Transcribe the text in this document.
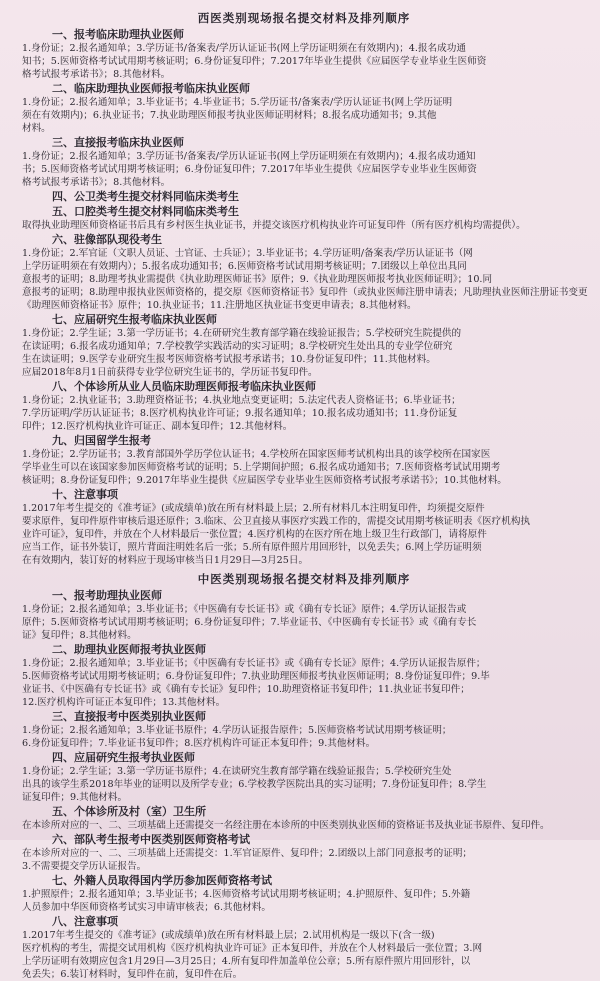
西医类别现场报名提交材料及排列顺序
一、报考临床助理执业医师
1.身份证；2.报名通知单；3.学历证书/备案表/学历认证证书(网上学历证明须在有效期内)；4.报名成功通
知书；5.医师资格考试试用期考核证明；6.身份证复印件；7.2017年毕业生提供《应届医学专业毕业生医师资
格考试报考承诺书》；8.其他材料。
二、临床助理执业医师报考临床执业医师
1.身份证；2.报名通知单；3.毕业证书；4.毕业证书；5.学历证书/备案表/学历认证证书(网上学历证明
须在有效期内)；6.执业证书；7.执业助理医师报考执业医师证明材料；8.报名成功通知书；9.其他
材料。
三、直接报考临床执业医师
1.身份证；2.报名通知单；3.学历证书/备案表/学历认证证书(网上学历证明须在有效期内)；4.报名成功通知
书；5.医师资格考试试用期考核证明；6.身份证复印件；7.2017年毕业生提供《应届医学专业毕业生医师资
格考试报考承诺书》；8.其他材料。
四、公卫类考生提交材料同临床类考生
五、口腔类考生提交材料同临床类考生
取得执业助理医师资格证书后具有乡村医生执业证书，并提交该医疗机构执业许可证复印件（所有医疗机构均需提供）。
六、驻像部队现役考生
1.身份证；2.军官证（文职人员证、士官证、士兵证）；3.毕业证书；4.学历证明/备案表/学历认证证书（网
上学历证明须在有效期内）；5.报名成功通知书；6.医师资格考试试用期考核证明；7.团级以上单位出具同
意报考的证明；8.助理考执业需提供《执业助理医师证书》原件；9.《执业助理医师报考执业医师证明》；10.同
意报考的证明；8.助理申报执业医师资格的，提交原《医师资格证书》复印件（或执业医师注册申请表；凡助理执业医师注册证书变更
《助理医师资格证书》原件；10.执业证书；11.注册地区执业证书变更申请表；8.其他材料。
七、应届研究生报考临床执业医师
1.身份证；2.学生证；3.第一学历证书；4.在研研究生教育部学籍在线验证报告；5.学校研究生院提供的
在读证明；6.报名成功通知单；7.学校教学实践活动的实习证明；8.学校研究生处出具的专业学位研究
生在读证明；9.医学专业研究生报考医师资格考试报考承诺书；10.身份证复印件；11.其他材料。
应届2018年8月1日前获得专业学位研究生证书的，学历证书复印件。
八、个体诊所从业人员临床助理医师报考临床执业医师
1.身份证；2.执业证书；3.助理资格证书；4.执业地点变更证明；5.法定代表人资格证书；6.毕业证书；
7.学历证明/学历认证证书；8.医疗机构执业许可证；9.报名通知单；10.报名成功通知书；11.身份证复
印件；12.医疗机构执业许可证正、副本复印件；12.其他材料。
九、归国留学生报考
1.身份证；2.学历证书；3.教育部国外学历学位认证书；4.学校所在国家医师考试机构出具的该学校所在国家医
学毕业生可以在该国家参加医师资格考试的证明；5.上学期间护照；6.报名成功通知书；7.医师资格考试试用期考
核证明；8.身份证复印件；9.2017年毕业生提供《应届医学专业毕业生医师资格考试报考承诺书》；10.其他材料。
十、注意事项
1.2017年考生提交的《准考证》(或成绩单)放在所有材料最上层；2.所有材料几本注明复印件，均须提交原件
要求原件，复印件原件审核后退还原件；3.临床、公卫直接从事医疗实践工作的，需提交试用期考核证明表《医疗机构执
业许可证》，复印件，并放在个人材料最后一张位置；4.医疗机构的在医疗所在地上级卫生行政部门，请将原件
应当工作，证书外装订，照片背面注明姓名后一张；5.所有原件照片用回形针，以免丢失；6.网上学历证明须
在有效期内，装订好的材料应于现场审核当日1月29日—3月25日。
中医类别现场报名提交材料及排列顺序
一、报考助理执业医师
1.身份证；2.报名通知单；3.毕业证书；《中医确有专长证书》或《确有专长证》原件；4.学历认证报告或
原件；5.医师资格考试试用期考核证明；6.身份证复印件；7.毕业证书、《中医确有专长证书》或《确有专长
证》复印件；8.其他材料。
二、助理执业医师报考执业医师
1.身份证；2.报名通知单；3.毕业证书；《中医确有专长证书》或《确有专长证》原件；4.学历认证报告原件；
5.医师资格考试试用期考核证明；6.身份证复印件；7.执业助理医师报考执业医师证明；8.身份证复印件；9.毕
业证书、《中医确有专长证书》或《确有专长证》复印件；10.助理资格证书复印件；11.执业证书复印件；
12.医疗机构许可证正本复印件；13.其他材料。
三、直接报考中医类别执业医师
1.身份证；2.报名通知单；3.毕业证书原件；4.学历认证报告原件；5.医师资格考试试用期考核证明；
6.身份证复印件；7.毕业证书复印件；8.医疗机构许可证正本复印件；9.其他材料。
四、应届研究生报考执业医师
1.身份证；2.学生证；3.第一学历证书原件；4.在读研究生教育部学籍在线验证报告；5.学校研究生处
出具的该学生系2018年毕业的证明以及所学专业；6.学校教学医院出具的实习证明；7.身份证复印件；8.学生
证复印件；9.其他材料。
五、个体诊所及村（室）卫生所
在本诊所对应的一、二、三项基础上还需提交一名经注册在本诊所的中医类别执业医师的资格证书及执业证书原件、复印件。
六、部队考生报考中医类别医师资格考试
在本诊所对应的一、二、三项基础上还需提交：1.军官证原件、复印件；2.团级以上部门同意报考的证明；
3.不需要提交学历认证报告。
七、外籍人员取得国内学历参加医师资格考试
1.护照原件；2.报名通知单；3.毕业证书；4.医师资格考试试用期考核证明；4.护照原件、复印件；5.外籍
人员参加中华医师资格考试实习申请审核表；6.其他材料。
八、注意事项
1.2017年考生提交的《准考证》(或成绩单)放在所有材料最上层；2.试用机构是一级以下(含一级)
医疗机构的考生，需提交试用机构《医疗机构执业许可证》正本复印件，并放在个人材料最后一张位置；3.网
上学历证明有效期应包含1月29日—3月25日；4.所有复印件加盖单位公章；5.所有原件照片用回形针，以
免丢失；6.装订材料时，复印件在前，复印件在后。
